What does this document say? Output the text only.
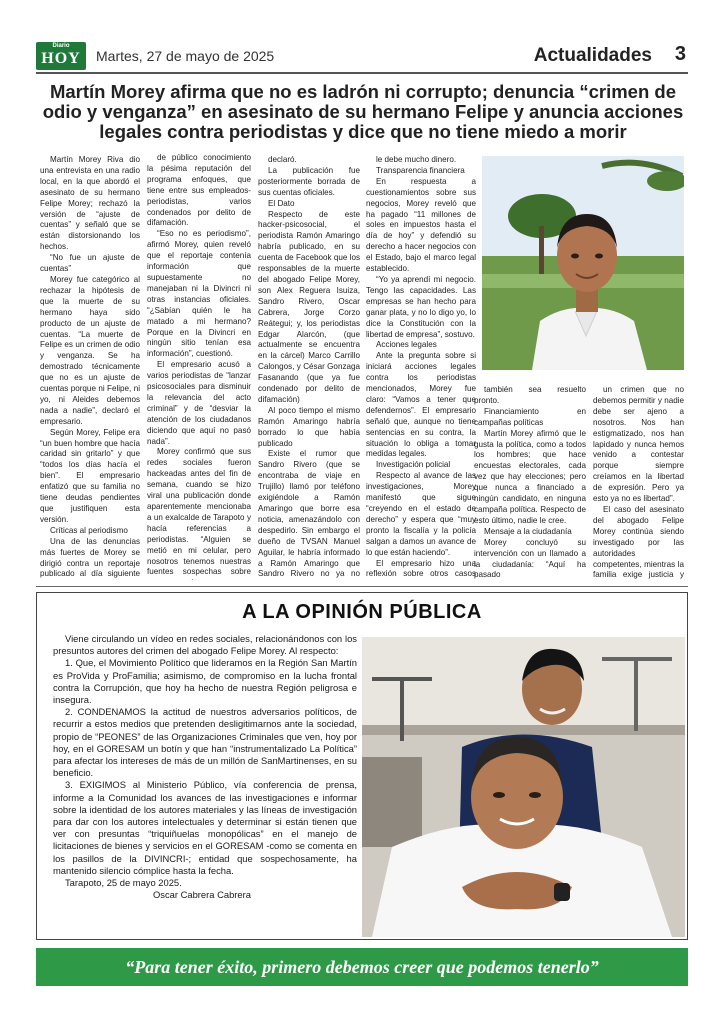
Diario
HOY	Martes, 27 de mayo de 2025	Actualidades 3
Martín Morey afirma que no es ladrón ni corrupto; denuncia “crimen de odio y venganza” en asesinato de su hermano Felipe y anuncia acciones legales contra periodistas y dice que no tiene miedo a morir

Martín Morey Riva dio una entrevista en una radio local, en la que abordó el asesinato de su hermano Felipe Morey; rechazó la versión de “ajuste de cuentas” y señaló que se están distorsionando los hechos.

“No fue un ajuste de cuentas”

Morey fue categórico al rechazar la hipótesis de que la muerte de su hermano haya sido producto de un ajuste de cuentas. “La muerte de Felipe es un crimen de odio y venganza. Se ha demostrado técnicamente que no es un ajuste de cuentas porque ni Felipe, ni yo, ni Aleides debemos nada a nadie”, declaró el empresario.

Según Morey, Felipe era “un buen hombre que hacía caridad sin gritarlo” y que “todos los días hacía el bien”. El empresario enfatizó que su familia no tiene deudas pendientes que justifiquen esta versión.

Críticas al periodismo

Una de las denuncias más fuertes de Morey se dirigió contra un reportaje publicado al día siguiente

de público conocimiento la pésima reputación del programa enfoques, que tiene entre sus empleados-periodistas, varios condenados por delito de difamación.

“Eso no es periodismo”, afirmó Morey, quien reveló que el reportaje contenía información que supuestamente no manejaban ni la Divincri ni otras instancias oficiales. “¿Sabían quién le ha matado a mi hermano? Porque en la Divincri en ningún sitio tenían esa información”, cuestionó.

El empresario acusó a varios periodistas de “lanzar psicosociales para disminuir la relevancia del acto criminal” y de “desviar la atención de los ciudadanos diciendo que aquí no pasó nada”.

Morey confirmó que sus redes sociales fueron hackeadas antes del fin de semana, cuando se hizo viral una publicación donde aparentemente mencionaba a un exalcalde de Tarapoto y hacía referencias a periodistas. “Alguien se metió en mi celular, pero nosotros tenemos nuestras fuentes sospechas sobre

declaró.

La publicación fue posteriormente borrada de sus cuentas oficiales.

El Dato

Respecto de este hacker-psicosocial, el periodista Ramón Amaringo habría publicado, en su cuenta de Facebook que los responsables de la muerte del abogado Felipe Morey, son Alex Reguera Isuiza, Sandro Rivero, Oscar Cabrera, Jorge Corzo Reátegui; y, los periodistas Edgar Alarcón, (que actualmente se encuentra en la cárcel) Marco Carrillo Calongos, y César Gonzaga Fasanando (que ya fue condenado por delito de difamación)

Al poco tiempo el mismo Ramón Amaringo habría borrado lo que había publicado

Existe el rumor que Sandro Rivero (que se encontraba de viaje en Trujillo) llamó por teléfono exigiéndole a Ramón Amaringo que borre esa noticia, amenazándolo con despedirlo. Sin embargo el dueño de TVSAN Manuel Aguilar, le habría informado a Ramón Amaringo que Sandro Rivero no ya no

le debe mucho dinero.

Transparencia financiera

En respuesta a cuestionamientos sobre sus negocios, Morey reveló que ha pagado “11 millones de soles en impuestos hasta el día de hoy” y defendió su derecho a hacer negocios con el Estado, bajo el marco legal establecido.

“Yo ya aprendí mi negocio. Tengo las capacidades. Las empresas se han hecho para ganar plata, y no lo digo yo, lo dice la Constitución con la libertad de empresa”, sostuvo.

Acciones legales

Ante la pregunta sobre si iniciará acciones legales contra los periodistas mencionados, Morey fue claro: “Vamos a tener que defendernos”. El empresario señaló que, aunque no tiene sentencias en su contra, la situación lo obliga a tomar medidas legales.

Investigación policial

Respecto al avance de las investigaciones, Morey manifestó que sigue “creyendo en el estado de derecho” y espera que “muy pronto la fiscalía y la policía salgan a damos un avance de lo que están haciendo”.

El empresario hizo una reflexión sobre otros casos

también sea resuelto pronto.

Financiamiento en campañas políticas

Martín Morey afirmó que le gusta la política, como a todos los hombres; que hace encuestas electorales, cada vez que hay elecciones; pero que nunca a financiado a ningún candidato, en ninguna campaña política. Respecto de esto último, nadie le cree.

Mensaje a la ciudadanía

Morey concluyó su intervención con un llamado a la ciudadanía: “Aquí ha pasado

un crimen que no debemos permitir y nadie debe ser ajeno a nosotros. Nos han estigmatizado, nos han lapidado y nunca hemos venido a contestar porque siempre creíamos en la libertad de expresión. Pero ya esto ya no es libertad”.

El caso del asesinato del abogado Felipe Morey continúa siendo investigado por las autoridades competentes, mientras la familia exige justicia y

A LA OPINIÓN PÚBLICA

Viene circulando un vídeo en redes sociales, relacionándonos con los presuntos autores del crimen del abogado Felipe Morey. Al respecto:

1. Que, el Movimiento Político que lideramos en la Región San Martín es ProVida y ProFamilia; asimismo, de compromiso en la lucha frontal contra la Corrupción, que hoy ha hecho de nuestra Región peligrosa e insegura.

2. CONDENAMOS la actitud de nuestros adversarios políticos, de recurrir a estos medios que pretenden desligitimarnos ante la sociedad, propio de “PEONES” de las Organizaciones Criminales que ven, hoy por hoy, en el GORESAM un botín y que han “instrumentalizado La Política” para afectar los intereses de más de un millón de SanMartinenses, en su beneficio.

3. EXIGIMOS al Ministerio Público, vía conferencia de prensa, informe a la Comunidad los avances de las investigaciones e informar sobre la identidad de los autores materiales y las líneas de investigación para dar con los autores intelectuales y determinar si están tienen que ver con presuntas “triquiñuelas monopólicas” en el manejo de licitaciones de bienes y servicios en el GORESAM -como se comenta en los pasillos de la DIVINCRI-; entidad que sospechosamente, ha mantenido silencio cómplice hasta la fecha.

Tarapoto, 25 de mayo 2025.

Oscar Cabrera Cabrera

“Para tener éxito, primero debemos creer que podemos tenerlo”
